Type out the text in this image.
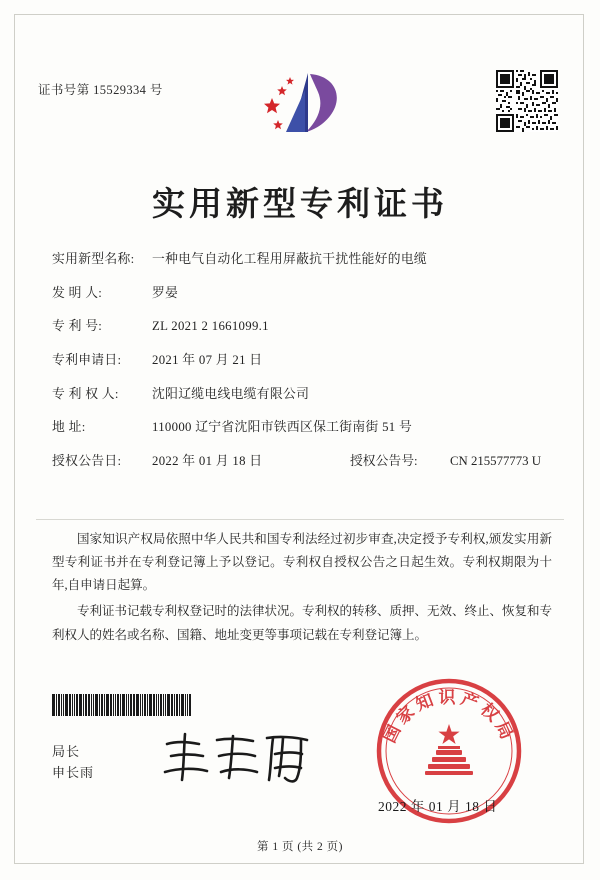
证书号第 15529334 号
实用新型专利证书
实用新型名称:	一种电气自动化工程用屏蔽抗干扰性能好的电缆
发 明 人:	罗晏
专 利 号:	ZL 2021 2 1661099.1
专利申请日:	2021 年 07 月 21 日
专 利 权 人:	沈阳辽缆电线电缆有限公司
地 址:	110000 辽宁省沈阳市铁西区保工街南街 51 号
授权公告日:	2022 年 01 月 18 日	授权公告号:	CN 215577773 U

国家知识产权局依照中华人民共和国专利法经过初步审查,决定授予专利权,颁发实用新型专利证书并在专利登记簿上予以登记。专利权自授权公告之日起生效。专利权期限为十年,自申请日起算。

专利证书记载专利权登记时的法律状况。专利权的转移、质押、无效、终止、恢复和专利权人的姓名或名称、国籍、地址变更等事项记载在专利登记簿上。

局长
申长雨
国家知识产权局
2022 年 01 月 18 日
第 1 页 (共 2 页)
